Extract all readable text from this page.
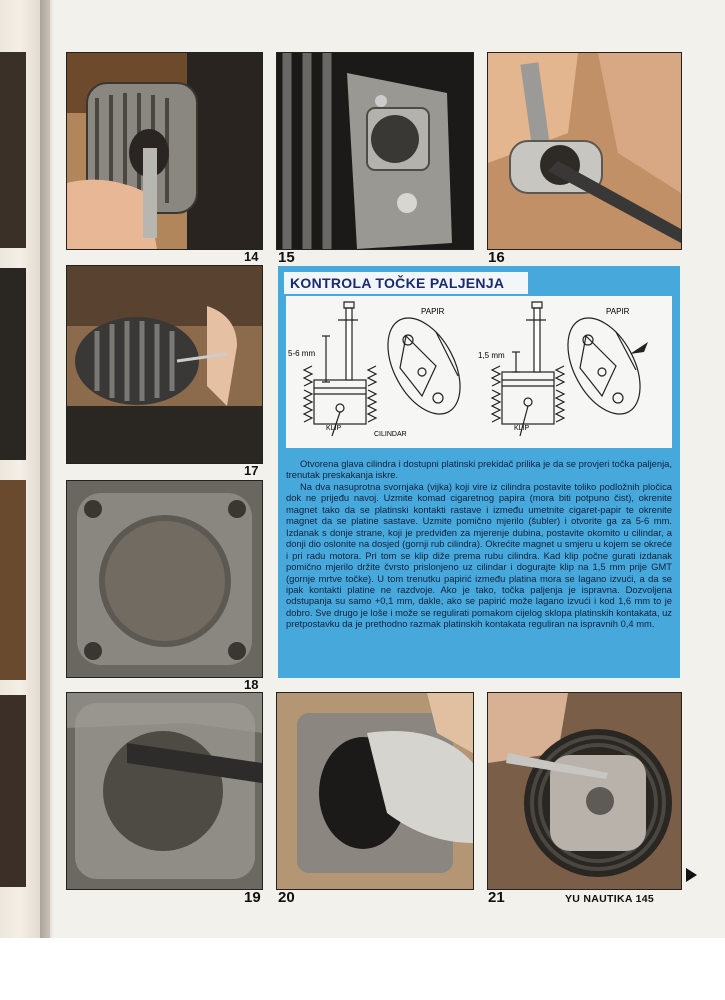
14 15	16
17
18
19 20	21
KONTROLA TOČKE PALJENJA
PAPIR	PAPIR
5-6 mm	1,5 mm
KLIP	KLIP
CILINDAR
Otvorena glava cilindra i dostupni platinski prekidač prilika je da se provjeri točka paljenja, trenutak preskakanja iskre.
Na dva nasuprotna svornjaka (vijka) koji vire iz cilindra postavite toliko podložnih pločica dok ne prijeđu navoj. Uzmite komad cigaretnog papira (mora biti potpuno čist), okrenite magnet tako da se platinski kontakti rastave i između umetnite cigaret-papir te okrenite magnet da se platine sastave. Uzmite pomično mjerilo (šubler) i otvorite ga za 5-6 mm. Izdanak s donje strane, koji je predviđen za mjerenje dubina, postavite okomito u cilindar, a donji dio oslonite na dosjed (gornji rub cilindra). Okrećite magnet u smjeru u kojem se okreće i pri radu motora. Pri tom se klip diže prema rubu cilindra. Kad klip počne gurati izdanak pomično mjerilo držite čvrsto prislonjeno uz cilindar i dogurajte klip na 1,5 mm prije GMT (gornje mrtve točke). U tom trenutku papirić između platina mora se lagano izvući, a da se ipak kontakti platine ne razdvoje. Ako je tako, točka paljenja je ispravna. Dozvoljena odstupanja su samo +0,1 mm, dakle, ako se papirić može lagano izvući i kod 1,6 mm to je dobro. Sve drugo je loše i može se regulirati pomakom cijelog sklopa platinskih kontakata, uz pretpostavku da je prethodno razmak platinskih kontakata reguliran na ispravnih 0,4 mm.
YU NAUTIKA 145
